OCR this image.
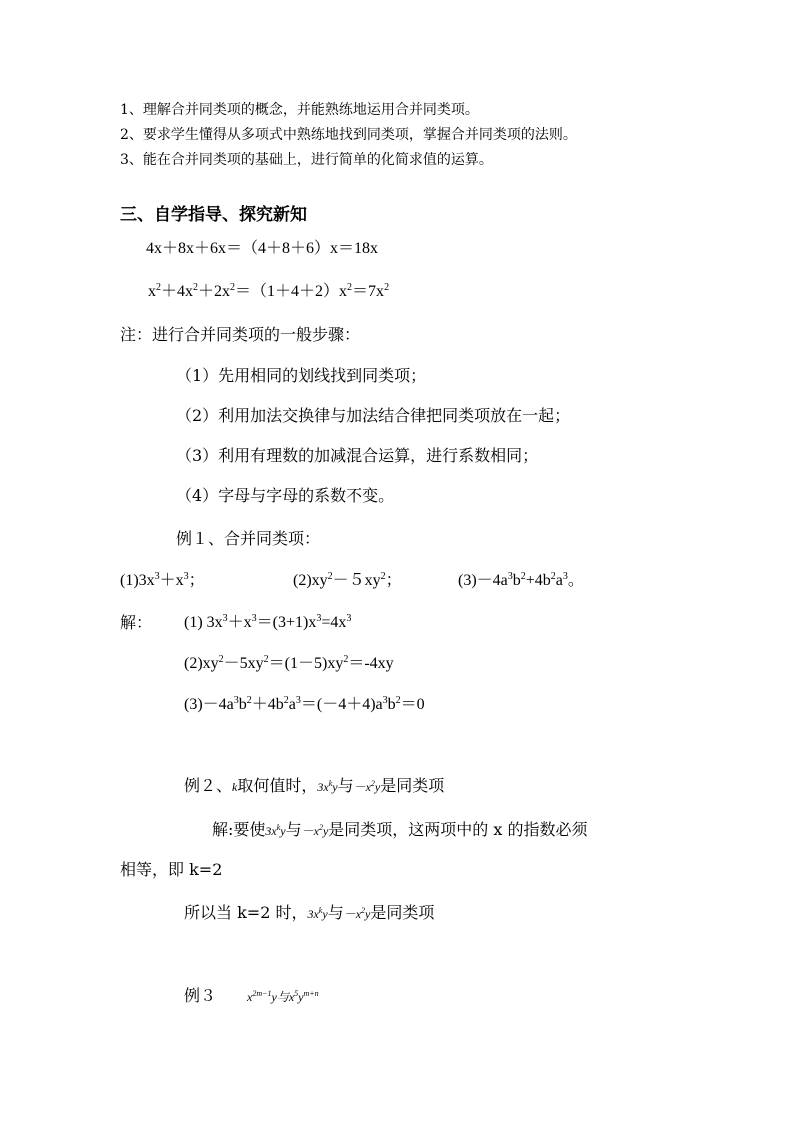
1、理解合并同类项的概念，并能熟练地运用合并同类项。
2、要求学生懂得从多项式中熟练地找到同类项，掌握合并同类项的法则。
3、能在合并同类项的基础上，进行简单的化简求值的运算。
三、自学指导、探究新知
4x＋8x＋6x＝（4＋8＋6）x＝18x
$x^2+4x^2+2x^2=(1+4+2)x^2=7x^2$
注：进行合并同类项的一般步骤：
（1）先用相同的划线找到同类项；
（2）利用加法交换律与加法结合律把同类项放在一起；
（3）利用有理数的加减混合运算，进行系数相同；
（4）字母与字母的系数不变。
例１、合并同类项：
$(1)3x^3+x^3$；	$(2)xy^2-5xy^2$；	$(3)-4a^3b^2+4b^2a^3$。
解： (1) $3x^3+x^3=(3+1)x^3=4x^3$
$(2)xy^2-5xy^2=(1-5)xy^2=-4xy$
$(3)-4a^3b^2+4b^2a^3=(-4+4)a^3b^2=0$
例２、k取何值时，$3x^ky$与$-x^2y$是同类项
解:要使$3x^ky$与$-x^2y$是同类项，这两项中的 x 的指数必须
相等，即 k=2
所以当 k=2 时，$3x^ky$与$-x^2y$是同类项
例３	$x^{2m-1}y$与$x^5y^{m+n}$
